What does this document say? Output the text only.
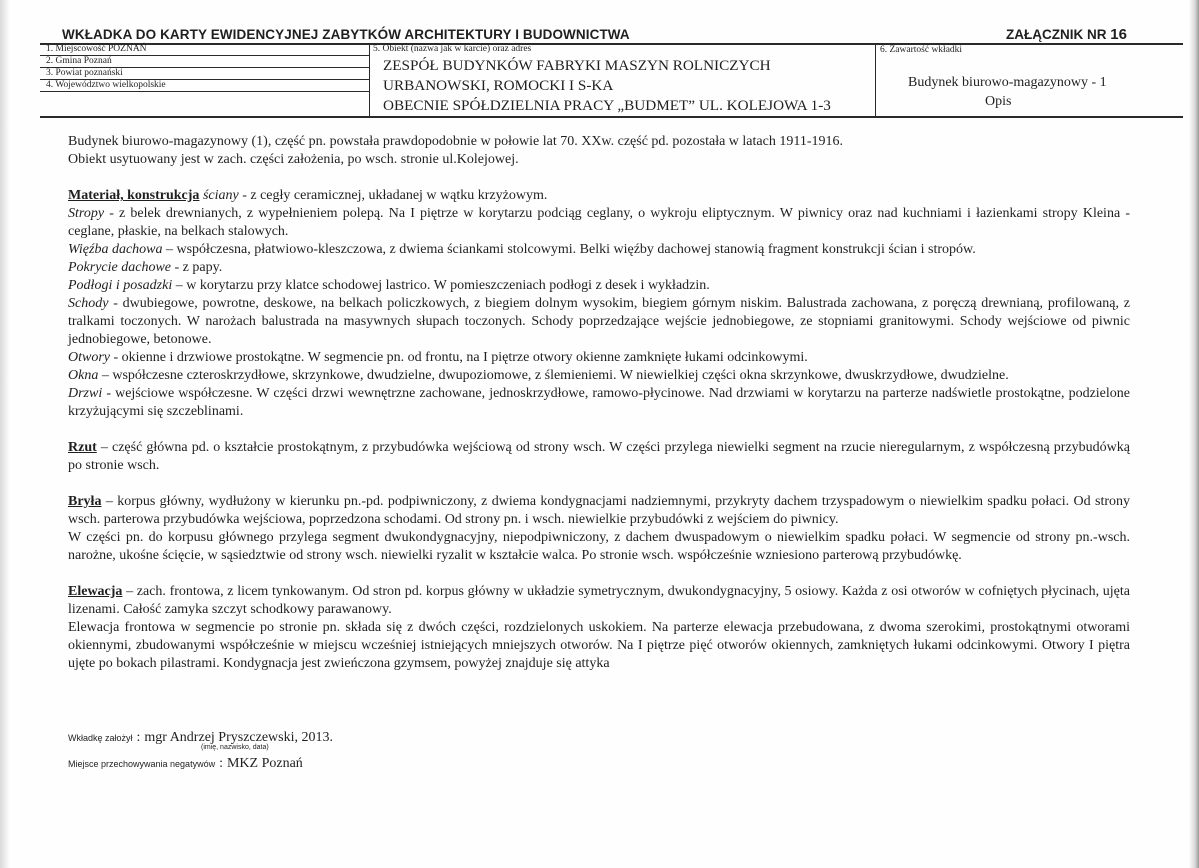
WKŁADKA DO KARTY EWIDENCYJNEJ ZABYTKÓW ARCHITEKTURY I BUDOWNICTWA	ZAŁĄCZNIK NR 16
1. Miejscowość POZNAŃ
2. Gmina Poznań
3. Powiat poznański
4. Województwo wielkopolskie
5. Obiekt (nazwa jak w karcie) oraz adres
ZESPÓŁ BUDYNKÓW FABRYKI MASZYN ROLNICZYCH
URBANOWSKI, ROMOCKI I S-KA
OBECNIE SPÓŁDZIELNIA PRACY „BUDMET” UL. KOLEJOWA 1-3
6. Zawartość wkładki
Budynek biurowo-magazynowy - 1
Opis

Budynek biurowo-magazynowy (1), część pn. powstała prawdopodobnie w połowie lat 70. XXw. część pd. pozostała w latach 1911-1916.

Obiekt usytuowany jest w zach. części założenia, po wsch. stronie ul.Kolejowej.

Materiał, konstrukcja ściany - z cegły ceramicznej, układanej w wątku krzyżowym.

Stropy - z belek drewnianych, z wypełnieniem polepą. Na I piętrze w korytarzu podciąg ceglany, o wykroju eliptycznym. W piwnicy oraz nad kuchniami i łazienkami stropy Kleina - ceglane, płaskie, na belkach stalowych.

Więźba dachowa – współczesna, płatwiowo-kleszczowa, z dwiema ściankami stolcowymi. Belki więźby dachowej stanowią fragment konstrukcji ścian i stropów.

Pokrycie dachowe - z papy.

Podłogi i posadzki – w korytarzu przy klatce schodowej lastrico. W pomieszczeniach podłogi z desek i wykładzin.

Schody - dwubiegowe, powrotne, deskowe, na belkach policzkowych, z biegiem dolnym wysokim, biegiem górnym niskim. Balustrada zachowana, z poręczą drewnianą, profilowaną, z tralkami toczonych. W narożach balustrada na masywnych słupach toczonych. Schody poprzedzające wejście jednobiegowe, ze stopniami granitowymi. Schody wejściowe od piwnic jednobiegowe, betonowe.

Otwory - okienne i drzwiowe prostokątne. W segmencie pn. od frontu, na I piętrze otwory okienne zamknięte łukami odcinkowymi.

Okna – współczesne czteroskrzydłowe, skrzynkowe, dwudzielne, dwupoziomowe, z ślemieniemi. W niewielkiej części okna skrzynkowe, dwuskrzydłowe, dwudzielne.

Drzwi - wejściowe współczesne. W części drzwi wewnętrzne zachowane, jednoskrzydłowe, ramowo-płycinowe. Nad drzwiami w korytarzu na parterze nadświetle prostokątne, podzielone krzyżującymi się szczeblinami.

Rzut – część główna pd. o kształcie prostokątnym, z przybudówka wejściową od strony wsch. W części przylega niewielki segment na rzucie nieregularnym, z współczesną przybudówką po stronie wsch.

Bryła – korpus główny, wydłużony w kierunku pn.-pd. podpiwniczony, z dwiema kondygnacjami nadziemnymi, przykryty dachem trzyspadowym o niewielkim spadku połaci. Od strony wsch. parterowa przybudówka wejściowa, poprzedzona schodami. Od strony pn. i wsch. niewielkie przybudówki z wejściem do piwnicy.

W części pn. do korpusu głównego przylega segment dwukondygnacyjny, niepodpiwniczony, z dachem dwuspadowym o niewielkim spadku połaci. W segmencie od strony pn.-wsch. narożne, ukośne ścięcie, w sąsiedztwie od strony wsch. niewielki ryzalit w kształcie walca. Po stronie wsch. współcześnie wzniesiono parterową przybudówkę.

Elewacja – zach. frontowa, z licem tynkowanym. Od stron pd. korpus główny w układzie symetrycznym, dwukondygnacyjny, 5 osiowy. Każda z osi otworów w cofniętych płycinach, ujęta lizenami. Całość zamyka szczyt schodkowy parawanowy.

Elewacja frontowa w segmencie po stronie pn. składa się z dwóch części, rozdzielonych uskokiem. Na parterze elewacja przebudowana, z dwoma szerokimi, prostokątnymi otworami okiennymi, zbudowanymi współcześnie w miejscu wcześniej istniejących mniejszych otworów. Na I piętrze pięć otworów okiennych, zamkniętych łukami odcinkowymi. Otwory I piętra ujęte po bokach pilastrami. Kondygnacja jest zwieńczona gzymsem, powyżej znajduje się attyka

Wkładkę założył : mgr Andrzej Pryszczewski, 2013.
(imię, nazwisko, data)
Miejsce przechowywania negatywów : MKZ Poznań
